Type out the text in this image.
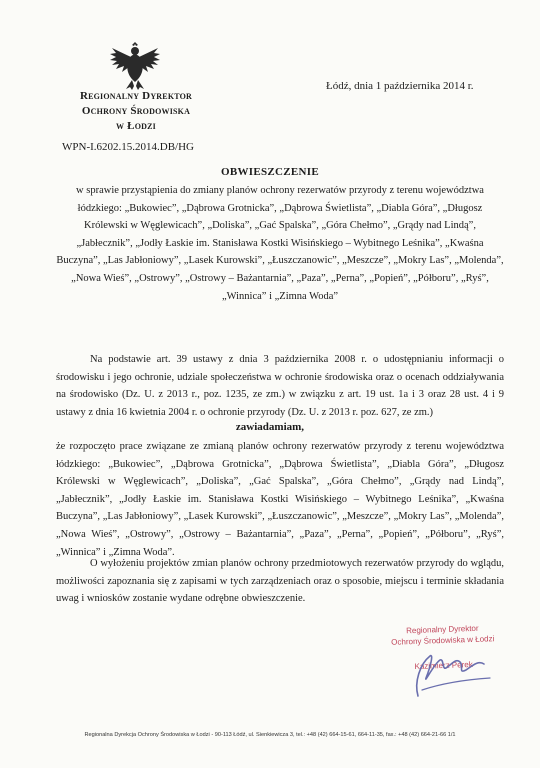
Regionalny Dyrektor
Ochrony Środowiska
w Łodzi
Łódź, dnia 1 października 2014 r.
WPN-I.6202.15.2014.DB/HG
OBWIESZCZENIE
w sprawie przystąpienia do zmiany planów ochrony rezerwatów przyrody z terenu województwa łódzkiego: „Bukowiec”, „Dąbrowa Grotnicka”, „Dąbrowa Świetlista”, „Diabla Góra”, „Długosz Królewski w Węglewicach”, „Doliska”, „Gać Spalska”, „Góra Chełmo”, „Grądy nad Lindą”, „Jabłecznik”, „Jodły Łaskie im. Stanisława Kostki Wisińskiego – Wybitnego Leśnika”, „Kwaśna Buczyna”, „Las Jabłoniowy”, „Lasek Kurowski”, „Łuszczanowic”, „Meszcze”, „Mokry Las”, „Molenda”, „Nowa Wieś”, „Ostrowy”, „Ostrowy – Bażantarnia”, „Paza”, „Perna”, „Popień”, „Półboru”, „Ryś”, „Winnica” i „Zimna Woda”
Na podstawie art. 39 ustawy z dnia 3 października 2008 r. o udostępnianiu informacji o środowisku i jego ochronie, udziale społeczeństwa w ochronie środowiska oraz o ocenach oddziaływania na środowisko (Dz. U. z 2013 r., poz. 1235, ze zm.) w związku z art. 19 ust. 1a i 3 oraz 28 ust. 4 i 9 ustawy z dnia 16 kwietnia 2004 r. o ochronie przyrody (Dz. U. z 2013 r. poz. 627, ze zm.)
zawiadamiam,
że rozpoczęto prace związane ze zmianą planów ochrony rezerwatów przyrody z terenu województwa łódzkiego: „Bukowiec”, „Dąbrowa Grotnicka”, „Dąbrowa Świetlista”, „Diabla Góra”, „Długosz Królewski w Węglewicach”, „Doliska”, „Gać Spalska”, „Góra Chełmo”, „Grądy nad Lindą”, „Jabłecznik”, „Jodły Łaskie im. Stanisława Kostki Wisińskiego – Wybitnego Leśnika”, „Kwaśna Buczyna”, „Las Jabłoniowy”, „Lasek Kurowski”, „Łuszczanowic”, „Meszcze”, „Mokry Las”, „Molenda”, „Nowa Wieś”, „Ostrowy”, „Ostrowy – Bażantarnia”, „Paza”, „Perna”, „Popień”, „Półboru”, „Ryś”, „Winnica” i „Zimna Woda”.
O wyłożeniu projektów zmian planów ochrony przedmiotowych rezerwatów przyrody do wglądu, możliwości zapoznania się z zapisami w tych zarządzeniach oraz o sposobie, miejscu i terminie składania uwag i wniosków zostanie wydane odrębne obwieszczenie.
Regionalny Dyrektor
Ochrony Środowiska w Łodzi
Kazimierz Perek
Regionalna Dyrekcja Ochrony Środowiska w Łodzi - 90-113 Łódź, ul. Sienkiewicza 3, tel.: +48 (42) 664-15-61, 664-11-35, fax.: +48 (42) 664-21-66 1/1
